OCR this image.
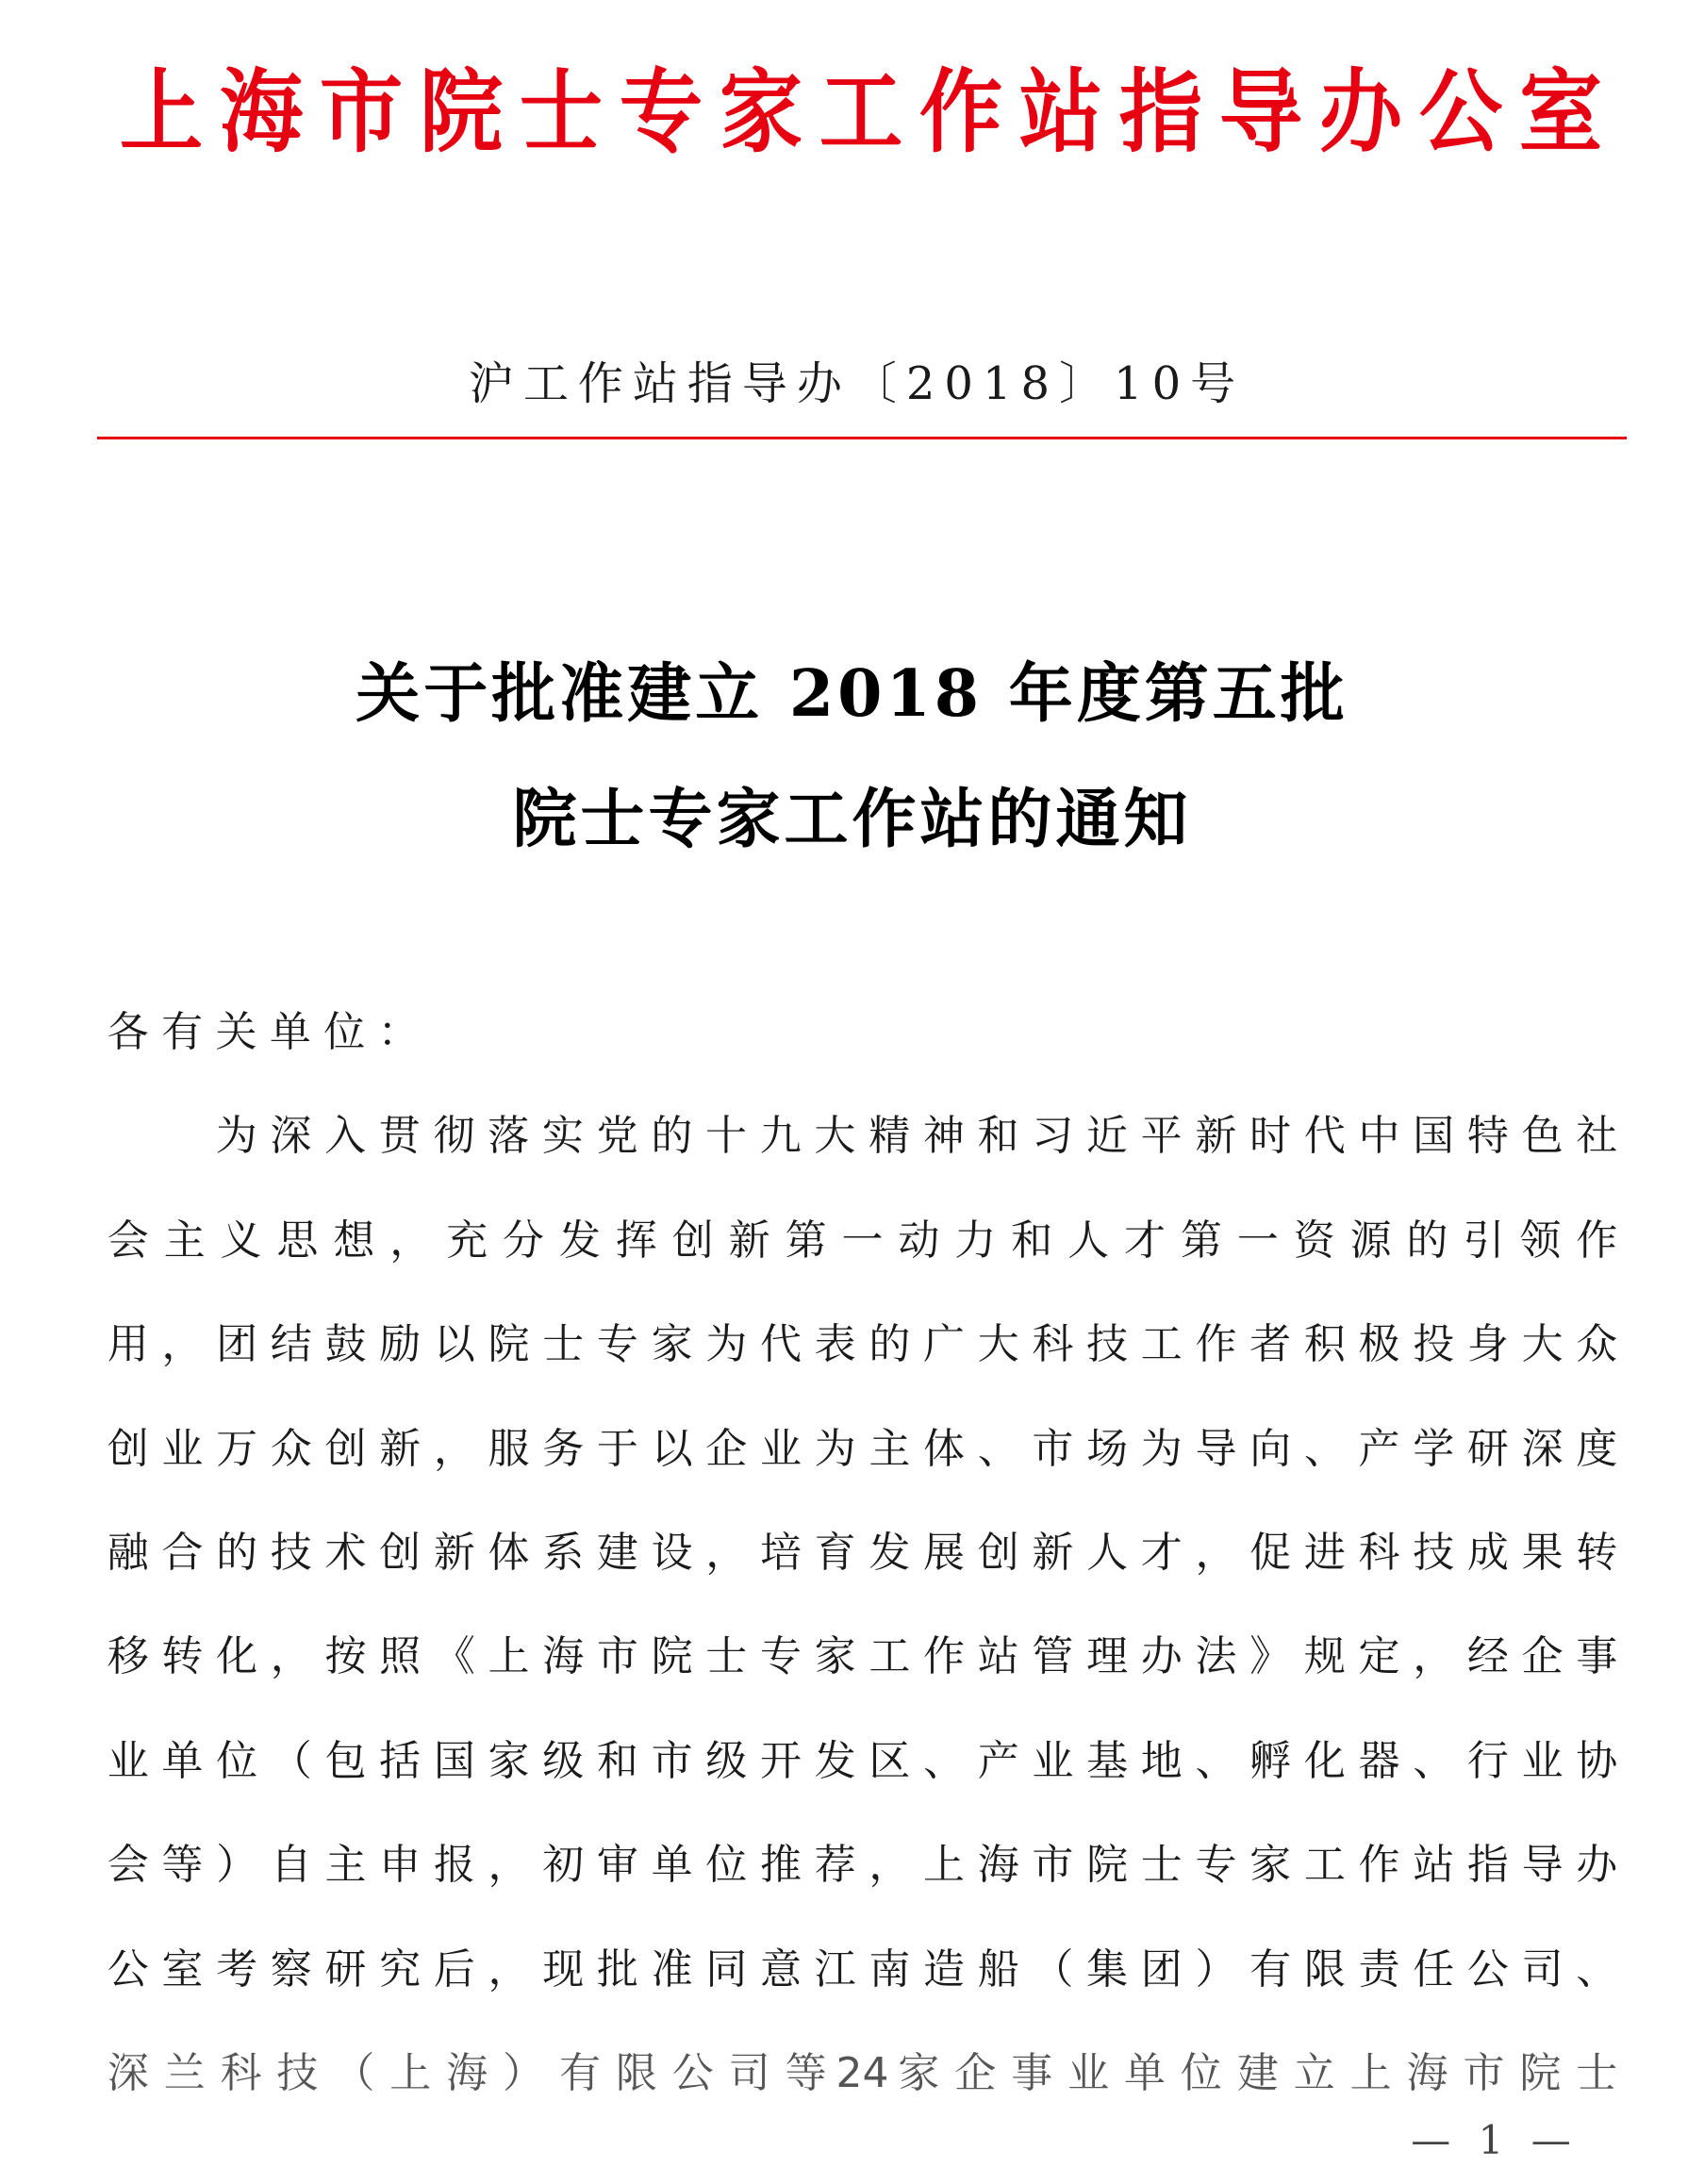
上 海 市 院 士 专 家 工 作 站 指 导 办 公 室
沪工作站指导办〔2018〕10号
关于批准建立 2018 年度第五批
院士专家工作站的通知
各 有 关 单 位 ：
为 深 入 贯 彻 落 实 党 的 十 九 大 精 神 和 习 近 平 新 时 代 中 国 特 色 社
会 主 义 思 想 ， 充 分 发 挥 创 新 第 一 动 力 和 人 才 第 一 资 源 的 引 领 作
用 ， 团 结 鼓 励 以 院 士 专 家 为 代 表 的 广 大 科 技 工 作 者 积 极 投 身 大 众
创 业 万 众 创 新 ， 服 务 于 以 企 业 为 主 体 、 市 场 为 导 向 、 产 学 研 深 度
融 合 的 技 术 创 新 体 系 建 设 ， 培 育 发 展 创 新 人 才 ， 促 进 科 技 成 果 转
移 转 化 ， 按 照 《 上 海 市 院 士 专 家 工 作 站 管 理 办 法 》 规 定 ， 经 企 事
业 单 位 （ 包 括 国 家 级 和 市 级 开 发 区 、 产 业 基 地 、 孵 化 器 、 行 业 协
会 等 ） 自 主 申 报 ， 初 审 单 位 推 荐 ， 上 海 市 院 士 专 家 工 作 站 指 导 办
公 室 考 察 研 究 后 ， 现 批 准 同 意 江 南 造 船 （ 集 团 ） 有 限 责 任 公 司 、
深 兰 科 技 （ 上 海 ） 有 限 公 司 等 24 家 企 事 业 单 位 建 立 上 海 市 院 士
— 1 —
